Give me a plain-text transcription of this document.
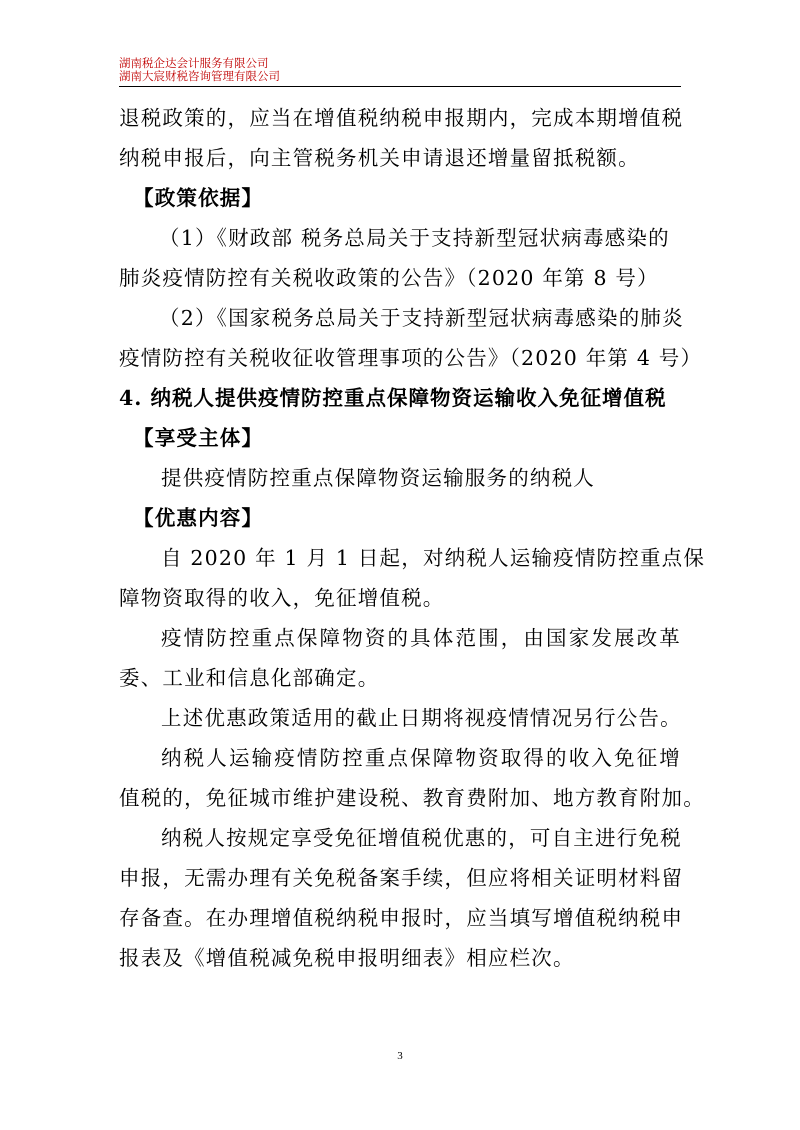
湖南税企达会计服务有限公司
湖南大宸财税咨询管理有限公司

退税政策的，应当在增值税纳税申报期内，完成本期增值税
纳税申报后，向主管税务机关申请退还增量留抵税额。

【政策依据】

（1）《财政部 税务总局关于支持新型冠状病毒感染的
肺炎疫情防控有关税收政策的公告》（2020 年第 8 号）

（2）《国家税务总局关于支持新型冠状病毒感染的肺炎
疫情防控有关税收征收管理事项的公告》（2020 年第 4 号）

4. 纳税人提供疫情防控重点保障物资运输收入免征增值税

【享受主体】

提供疫情防控重点保障物资运输服务的纳税人

【优惠内容】

自 2020 年 1 月 1 日起，对纳税人运输疫情防控重点保
障物资取得的收入，免征增值税。

疫情防控重点保障物资的具体范围，由国家发展改革
委、工业和信息化部确定。

上述优惠政策适用的截止日期将视疫情情况另行公告。

纳税人运输疫情防控重点保障物资取得的收入免征增
值税的，免征城市维护建设税、教育费附加、地方教育附加。

纳税人按规定享受免征增值税优惠的，可自主进行免税
申报，无需办理有关免税备案手续，但应将相关证明材料留
存备查。在办理增值税纳税申报时，应当填写增值税纳税申
报表及《增值税减免税申报明细表》相应栏次。

3
